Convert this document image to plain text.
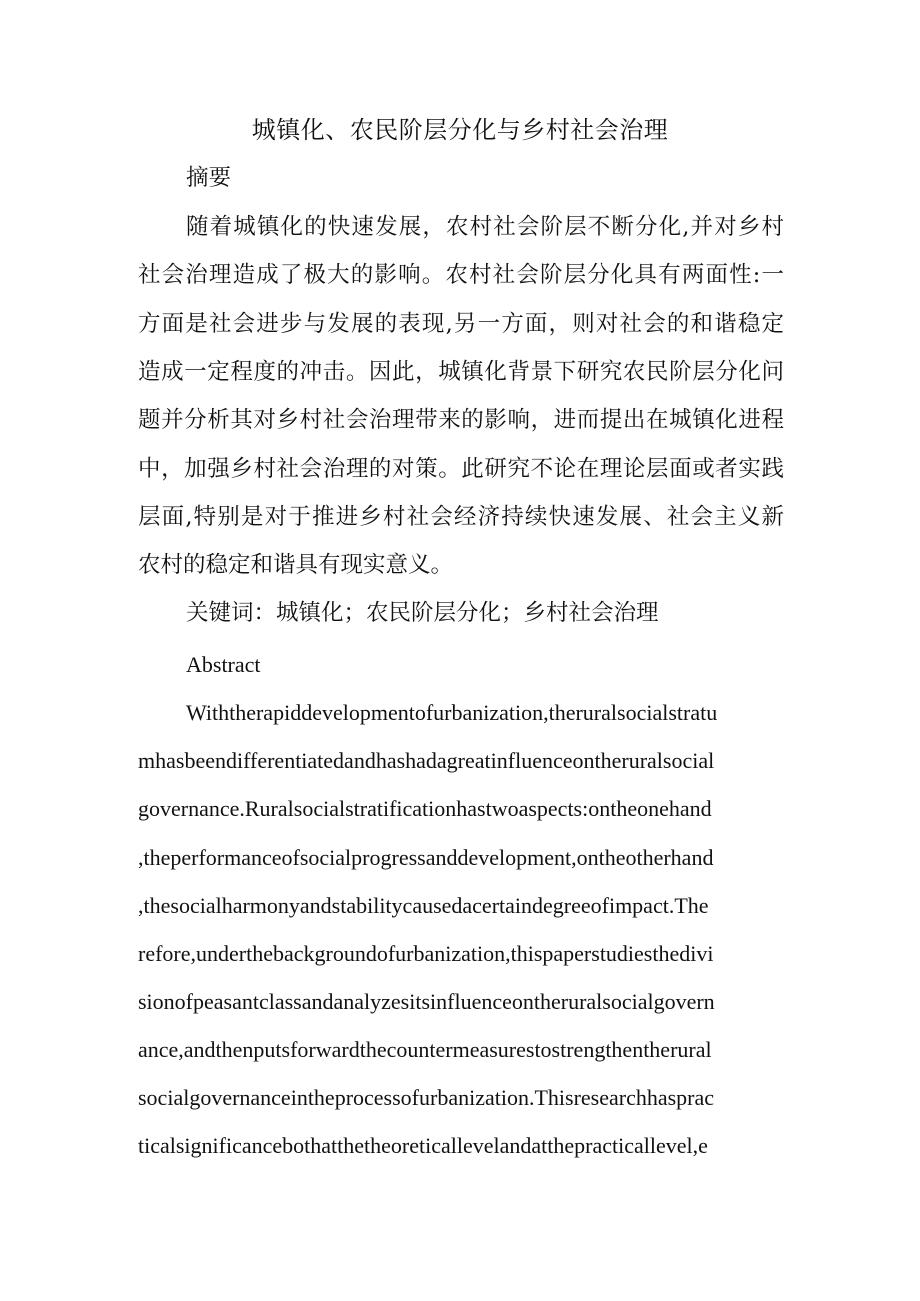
城镇化、农民阶层分化与乡村社会治理
摘要
随着城镇化的快速发展，农村社会阶层不断分化,并对乡村
社会治理造成了极大的影响。农村社会阶层分化具有两面性:一
方面是社会进步与发展的表现,另一方面，则对社会的和谐稳定
造成一定程度的冲击。因此，城镇化背景下研究农民阶层分化问
题并分析其对乡村社会治理带来的影响，进而提出在城镇化进程
中，加强乡村社会治理的对策。此研究不论在理论层面或者实践
层面,特别是对于推进乡村社会经济持续快速发展、社会主义新
农村的稳定和谐具有现实意义。
关键词：城镇化；农民阶层分化；乡村社会治理
Abstract
Withtherapiddevelopmentofurbanization,theruralsocialstratu
mhasbeendifferentiatedandhashadagreatinfluenceontheruralsocial
governance.Ruralsocialstratificationhastwoaspects:ontheonehand
,theperformanceofsocialprogressanddevelopment,ontheotherhand
,thesocialharmonyandstabilitycausedacertaindegreeofimpact.The
refore,underthebackgroundofurbanization,thispaperstudiesthedivi
sionofpeasantclassandanalyzesitsinfluenceontheruralsocialgovern
ance,andthenputsforwardthecountermeasurestostrengthentherural
socialgovernanceintheprocessofurbanization.Thisresearchhasprac
ticalsignificancebothatthetheoreticallevelandatthepracticallevel,e
